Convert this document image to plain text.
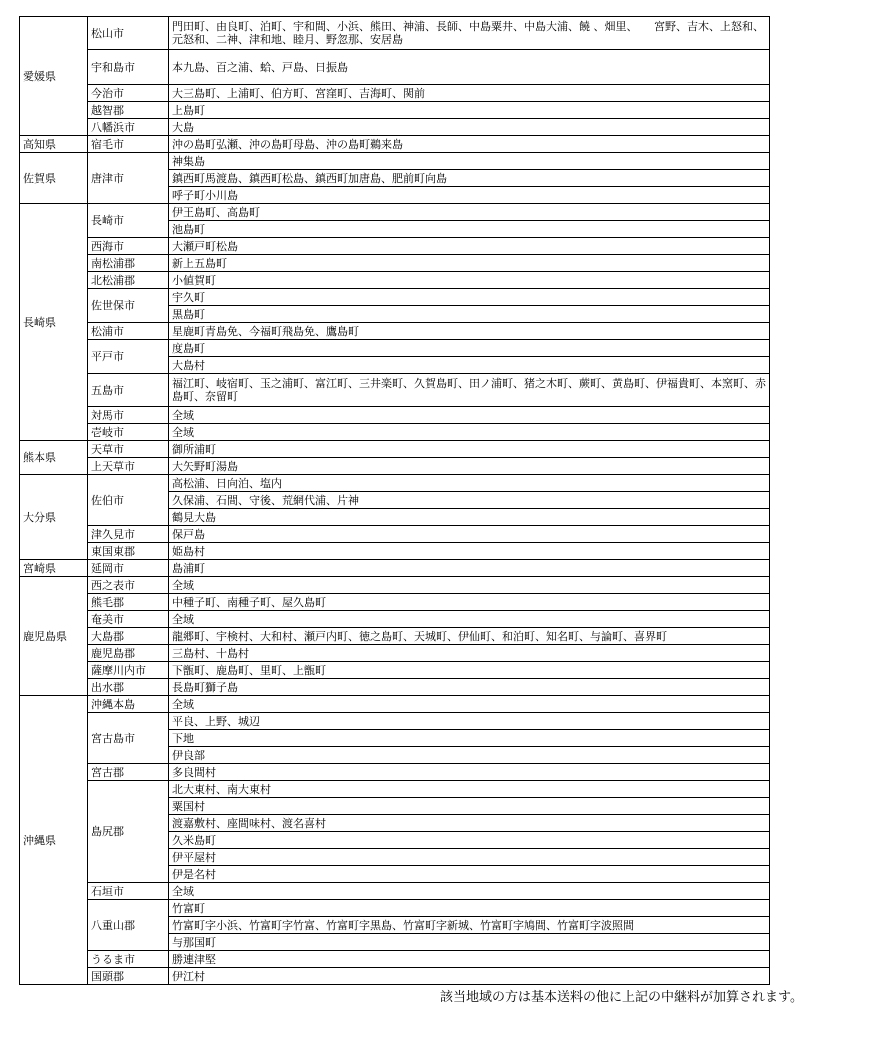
愛媛県	松山市	門田町、由良町、泊町、宇和間、小浜、熊田、神浦、長師、中島粟井、中島大浦、饒 、畑里、　　宮野、吉木、上怒和、元怒和、二神、津和地、睦月、野忽那、安居島
	宇和島市	本九島、百之浦、蛤、戸島、日振島
	今治市	大三島町、上浦町、伯方町、宮窪町、吉海町、関前
	越智郡	上島町
	八幡浜市	大島
高知県	宿毛市	沖の島町弘瀬、沖の島町母島、沖の島町鵜来島
佐賀県	唐津市	神集島
		鎮西町馬渡島、鎮西町松島、鎮西町加唐島、肥前町向島
		呼子町小川島
長崎県	長崎市	伊王島町、高島町
		池島町
	西海市	大瀬戸町松島
	南松浦郡	新上五島町
	北松浦郡	小値賀町
	佐世保市	宇久町
		黒島町
	松浦市	星鹿町青島免、今福町飛島免、鷹島町
	平戸市	度島町
		大島村
	五島市	福江町、岐宿町、玉之浦町、富江町、三井楽町、久賀島町、田ノ浦町、猪之木町、蕨町、黄島町、伊福貴町、本窯町、赤島町、奈留町
	対馬市	全域
	壱岐市	全域
熊本県	天草市	御所浦町
	上天草市	大矢野町湯島
大分県	佐伯市	高松浦、日向泊、塩内
		久保浦、石間、守後、荒網代浦、片神
		鶴見大島
	津久見市	保戸島
	東国東郡	姫島村
宮崎県	延岡市	島浦町
鹿児島県	西之表市	全域
	熊毛郡	中種子町、南種子町、屋久島町
	奄美市	全域
	大島郡	龍郷町、宇検村、大和村、瀬戸内町、徳之島町、天城町、伊仙町、和泊町、知名町、与論町、喜界町
	鹿児島郡	三島村、十島村
	薩摩川内市	下甑町、鹿島町、里町、上甑町
	出水郡	長島町獅子島
沖縄県	沖縄本島	全域
	宮古島市	平良、上野、城辺
		下地
		伊良部
	宮古郡	多良間村
	島尻郡	北大東村、南大東村
		粟国村
		渡嘉敷村、座間味村、渡名喜村
		久米島町
		伊平屋村
		伊是名村
	石垣市	全域
	八重山郡	竹富町
		竹富町字小浜、竹富町字竹富、竹富町字黒島、竹富町字新城、竹富町字鳩間、竹富町字波照間
		与那国町
	うるま市	勝連津堅
	国頭郡	伊江村
該当地域の方は基本送料の他に上記の中継料が加算されます。
